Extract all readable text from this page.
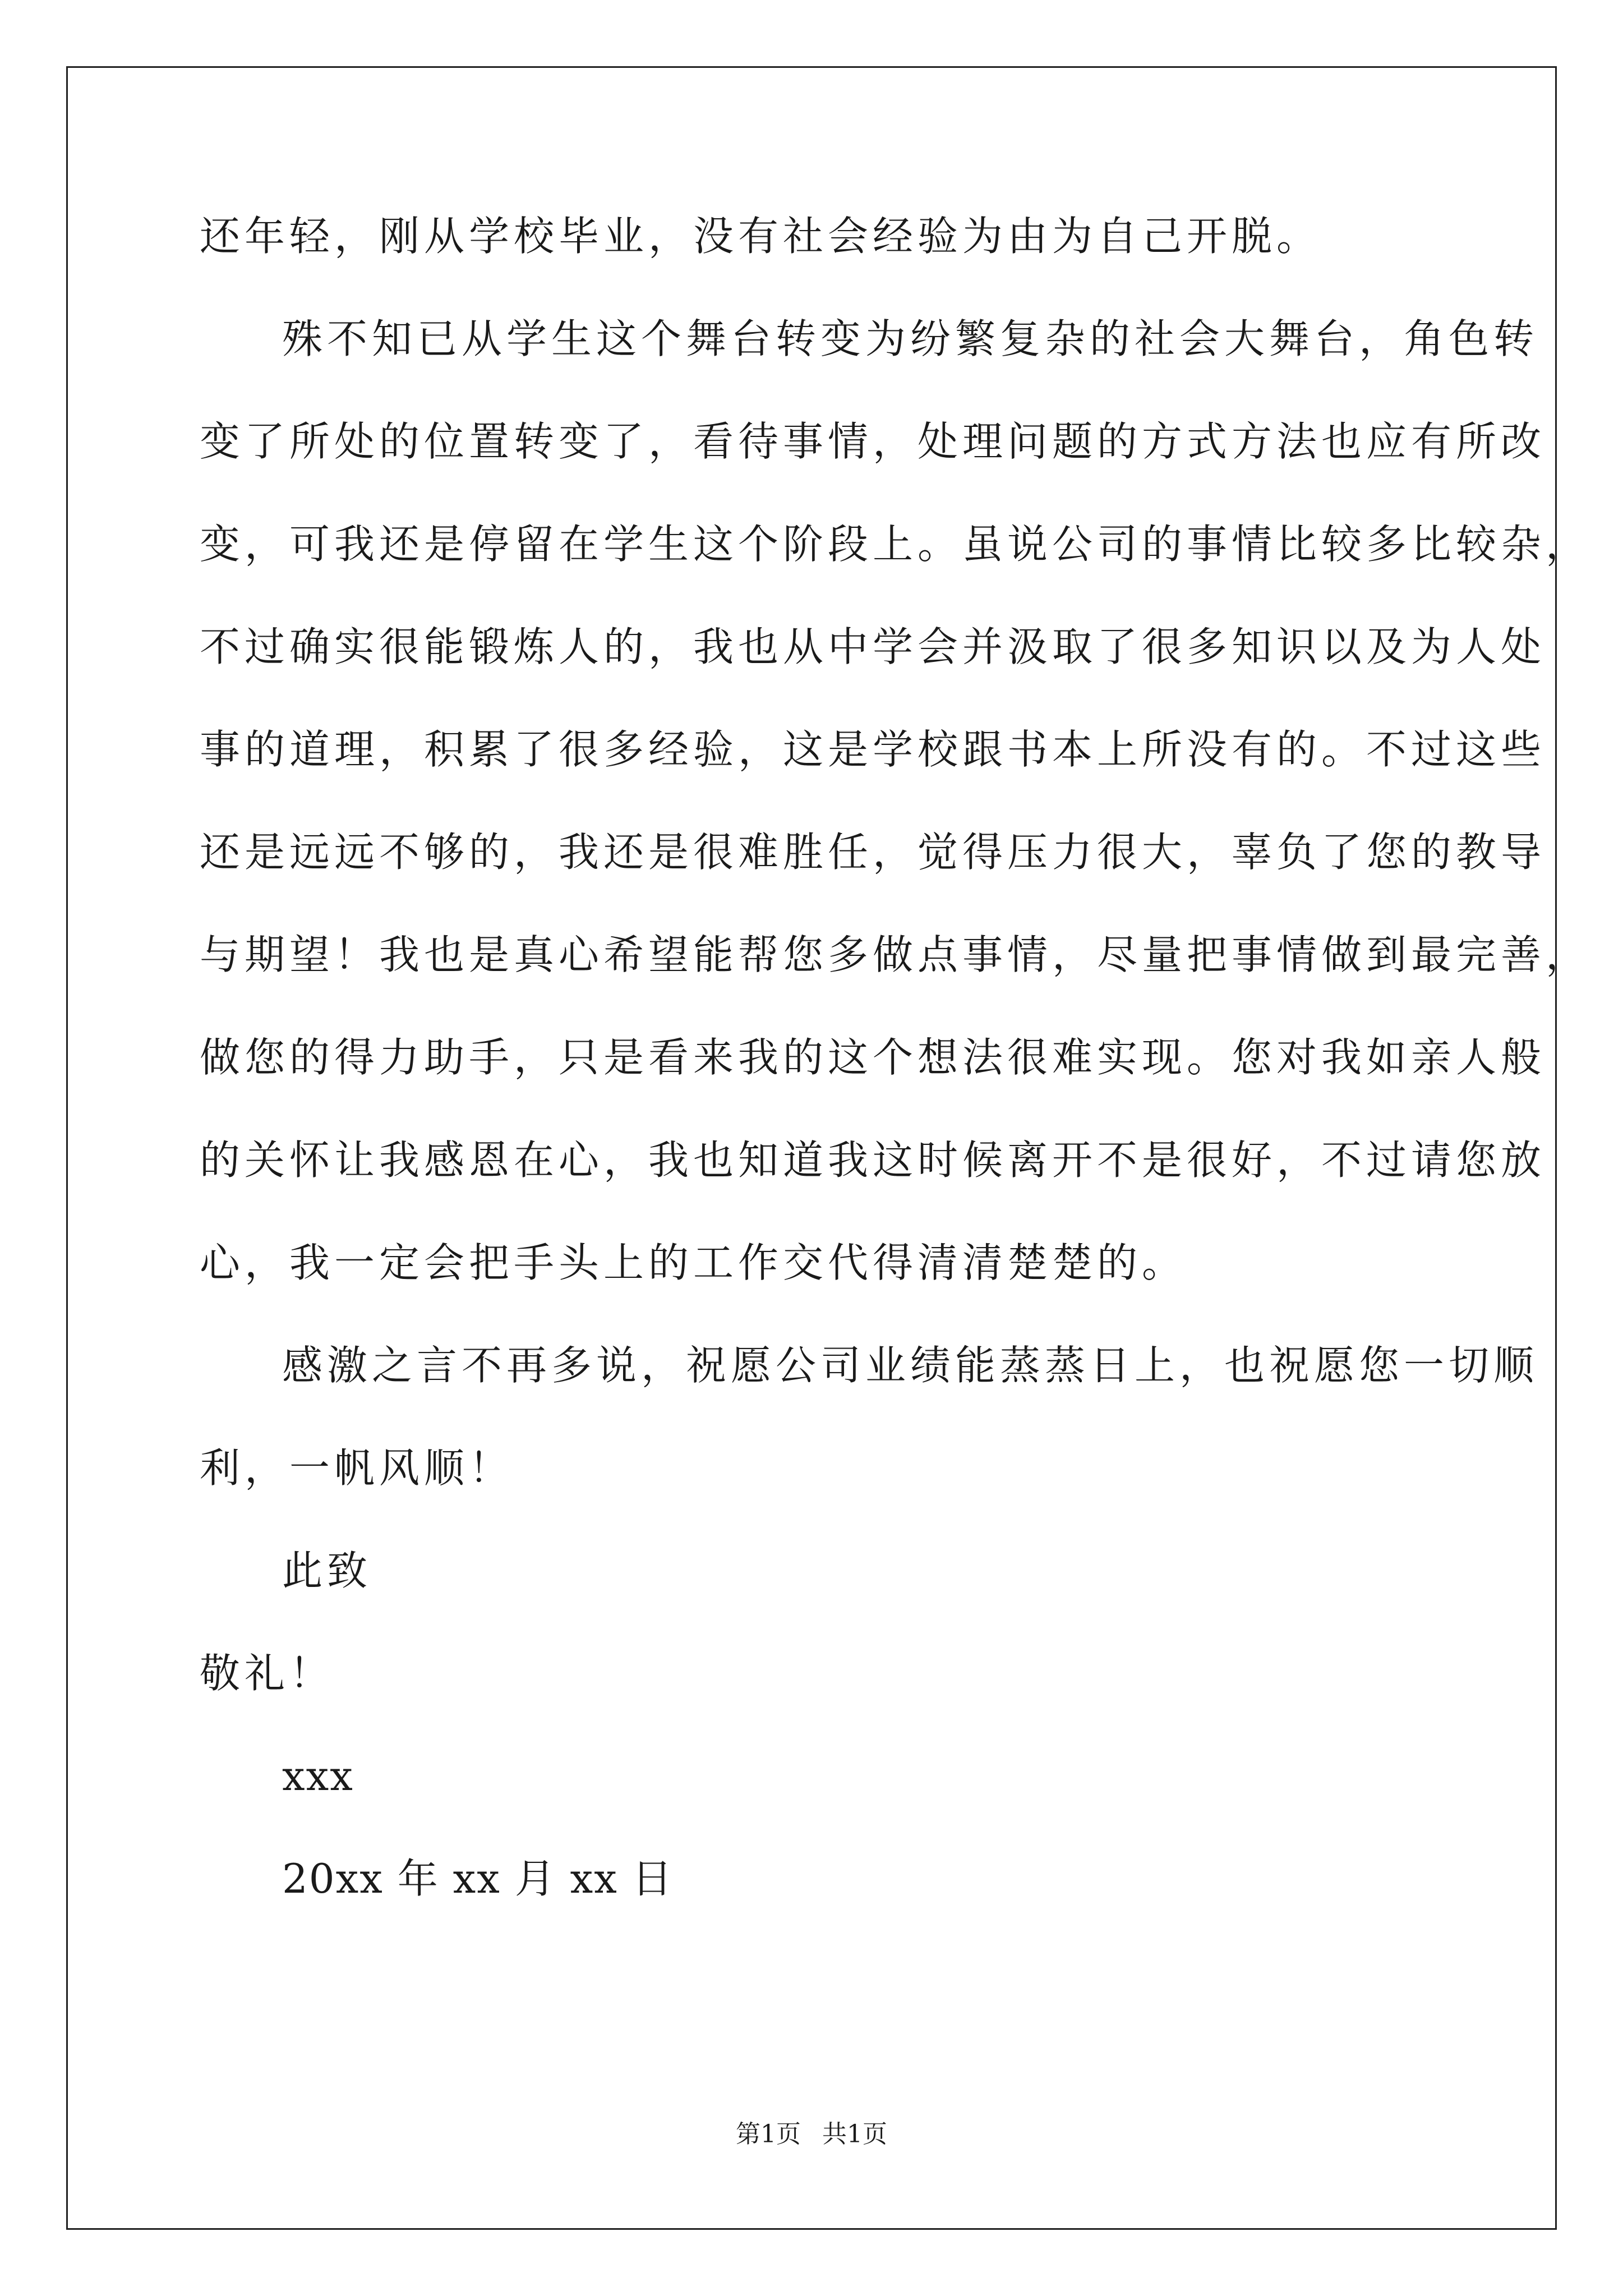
还年轻，刚从学校毕业，没有社会经验为由为自己开脱。
殊不知已从学生这个舞台转变为纷繁复杂的社会大舞台，角色转
变了所处的位置转变了，看待事情，处理问题的方式方法也应有所改
变，可我还是停留在学生这个阶段上。虽说公司的事情比较多比较杂，
不过确实很能锻炼人的，我也从中学会并汲取了很多知识以及为人处
事的道理，积累了很多经验，这是学校跟书本上所没有的。不过这些
还是远远不够的，我还是很难胜任，觉得压力很大，辜负了您的教导
与期望！我也是真心希望能帮您多做点事情，尽量把事情做到最完善，
做您的得力助手，只是看来我的这个想法很难实现。您对我如亲人般
的关怀让我感恩在心，我也知道我这时候离开不是很好，不过请您放
心，我一定会把手头上的工作交代得清清楚楚的。
感激之言不再多说，祝愿公司业绩能蒸蒸日上，也祝愿您一切顺
利，一帆风顺！
此致
敬礼！
xxx
20xx 年 xx 月 xx 日
第1页 共1页
